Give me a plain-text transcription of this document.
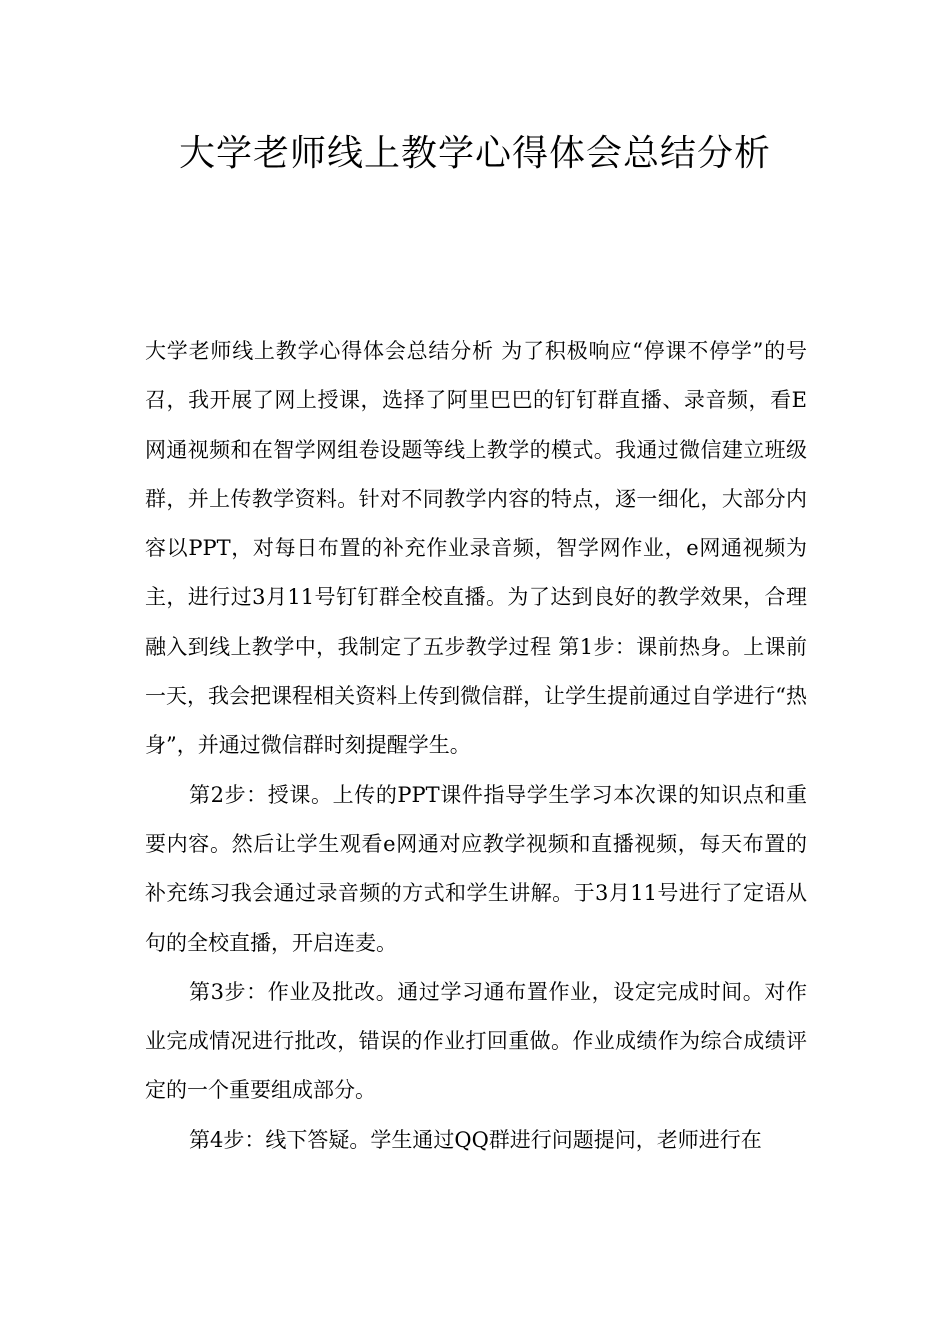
大学老师线上教学心得体会总结分析

大学老师线上教学心得体会总结分析 为了积极响应“停课不停学”的号召，我开展了网上授课，选择了阿里巴巴的钉钉群直播、录音频，看E网通视频和在智学网组卷设题等线上教学的模式。我通过微信建立班级群，并上传教学资料。针对不同教学内容的特点，逐一细化，大部分内容以PPT，对每日布置的补充作业录音频，智学网作业，e网通视频为主，进行过3月11号钉钉群全校直播。为了达到良好的教学效果，合理融入到线上教学中，我制定了五步教学过程 第1步：课前热身。上课前一天，我会把课程相关资料上传到微信群，让学生提前通过自学进行“热身”，并通过微信群时刻提醒学生。

第2步：授课。上传的PPT课件指导学生学习本次课的知识点和重要内容。然后让学生观看e网通对应教学视频和直播视频，每天布置的补充练习我会通过录音频的方式和学生讲解。于3月11号进行了定语从句的全校直播，开启连麦。

第3步：作业及批改。通过学习通布置作业，设定完成时间。对作业完成情况进行批改，错误的作业打回重做。作业成绩作为综合成绩评定的一个重要组成部分。

第4步：线下答疑。学生通过QQ群进行问题提问，老师进行在
